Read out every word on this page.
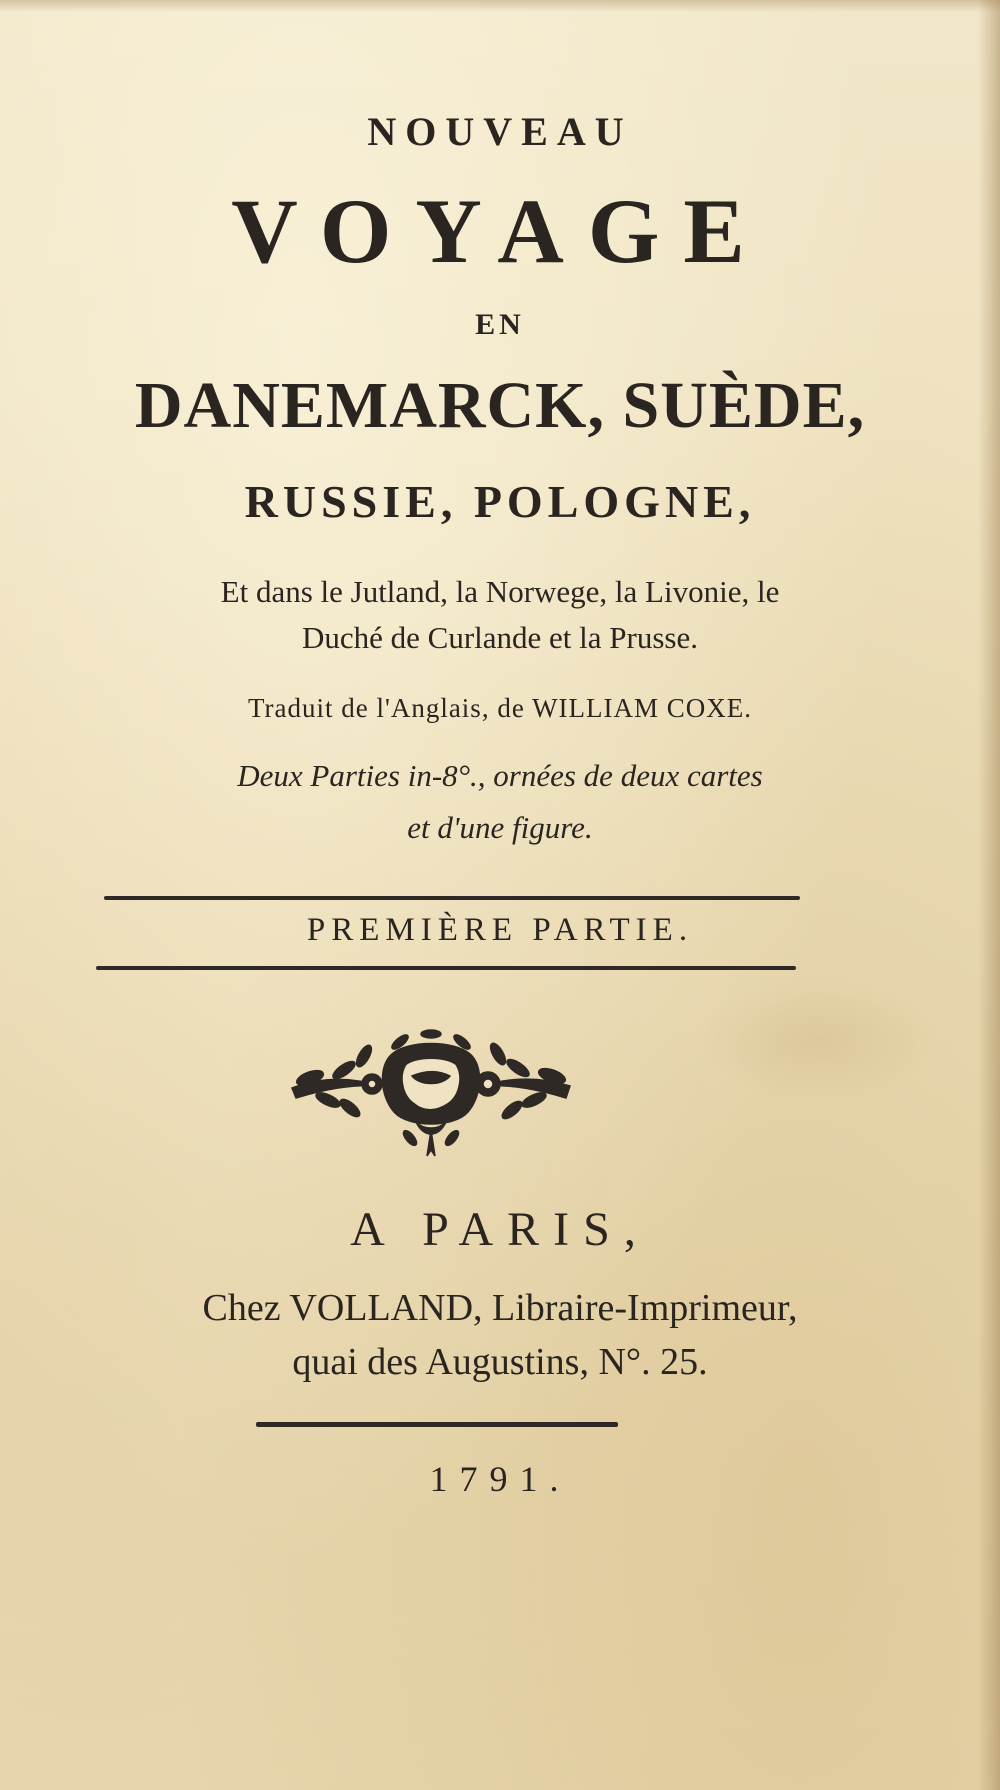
NOUVEAU

VOYAGE

EN

DANEMARCK, SUÈDE,

RUSSIE, POLOGNE,

Et dans le Jutland, la Norwege, la Livonie, le

Duché de Curlande et la Prusse.

Traduit de l'Anglais, de WILLIAM COXE.

Deux Parties in-8°., ornées de deux cartes

et d'une figure.

PREMIÈRE PARTIE.

A PARIS,

Chez VOLLAND, Libraire-Imprimeur,

quai des Augustins, N°. 25.

1791.
